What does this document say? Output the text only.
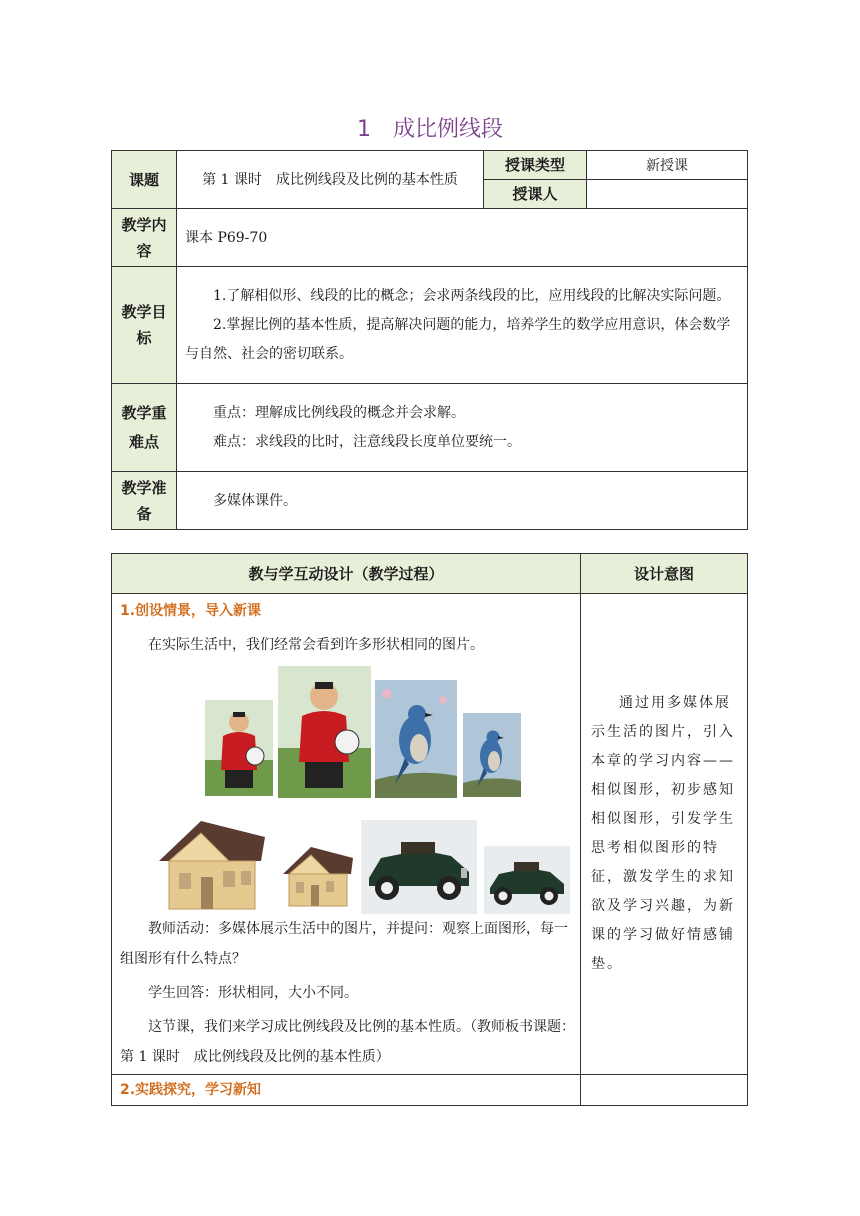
1　成比例线段
课题	第 1 课时　成比例线段及比例的基本性质	授课类型	新授课
		授课人	
教学内容	课本 P69-70		
教学目标	1.了解相似形、线段的比的概念；会求两条线段的比，应用线段的比解决实际问题。
2.掌握比例的基本性质，提高解决问题的能力，培养学生的数学应用意识，体会数学与自然、社会的密切联系。		

教学重难点	重点：理解成比例线段的概念并会求解。
难点：求线段的比时，注意线段长度单位要统一。		

教学准备	多媒体课件。		
教与学互动设计（教学过程）	设计意图

1.创设情景，导入新课
在实际生活中，我们经常会看到许多形状相同的图片。
教师活动：多媒体展示生活中的图片，并提问：观察上面图形，每一组图形有什么特点？
学生回答：形状相同，大小不同。
这节课，我们来学习成比例线段及比例的基本性质。（教师板书课题：　第 1 课时　成比例线段及比例的基本性质）	通过用多媒体展示生活的图片，引入本章的学习内容——相似图形，初步感知相似图形，引发学生思考相似图形的特征，激发学生的求知欲及学习兴趣，为新课的学习做好情感铺垫。

2.实践探究，学习新知	
